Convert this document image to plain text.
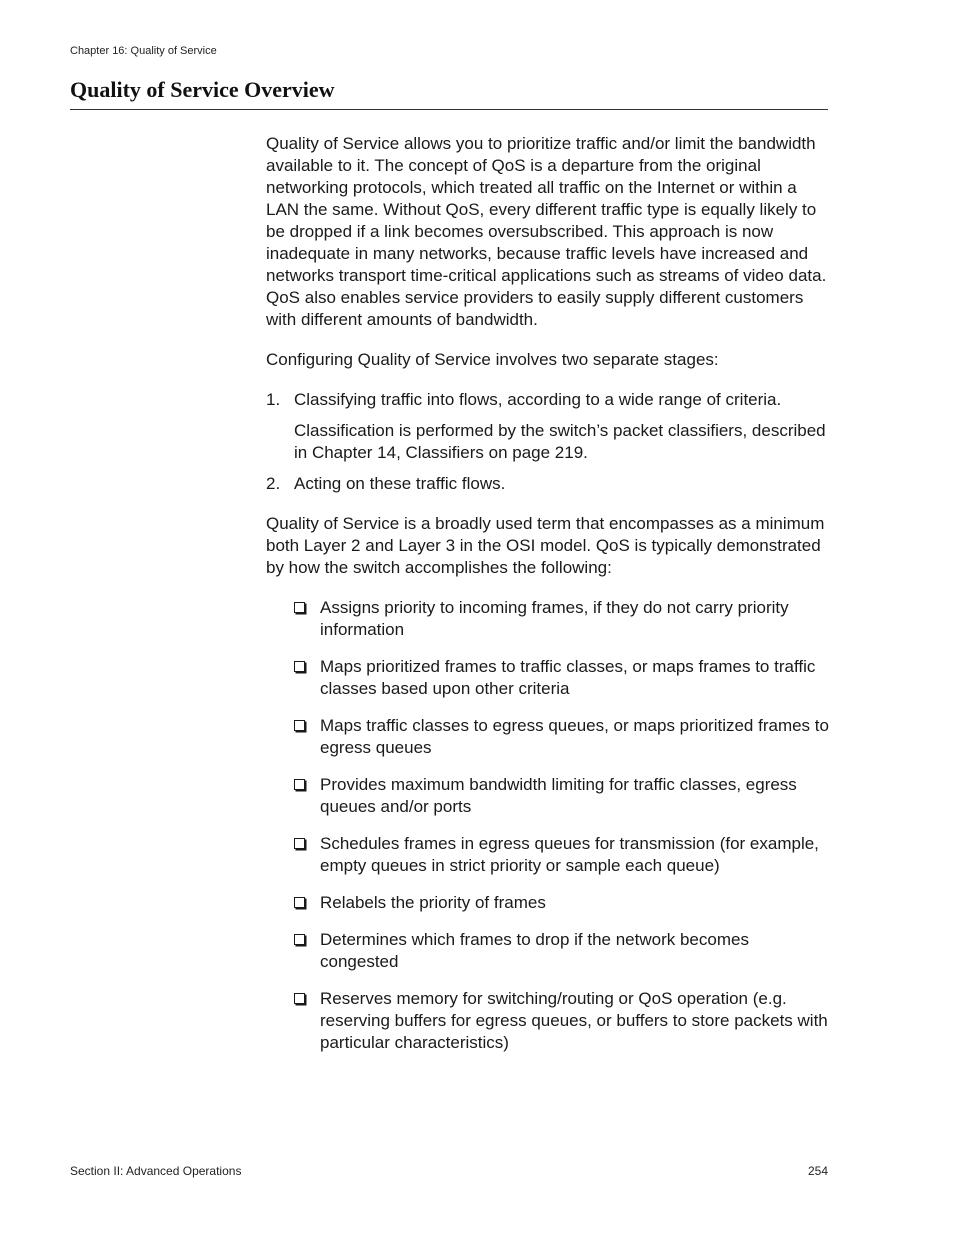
Chapter 16: Quality of Service
Quality of Service Overview

Quality of Service allows you to prioritize traffic and/or limit the bandwidth available to it. The concept of QoS is a departure from the original networking protocols, which treated all traffic on the Internet or within a LAN the same. Without QoS, every different traffic type is equally likely to be dropped if a link becomes oversubscribed. This approach is now inadequate in many networks, because traffic levels have increased and networks transport time-critical applications such as streams of video data. QoS also enables service providers to easily supply different customers with different amounts of bandwidth.

Configuring Quality of Service involves two separate stages:

1. Classifying traffic into flows, according to a wide range of criteria.

Classification is performed by the switch’s packet classifiers, described in Chapter 14, Classifiers on page 219.

2. Acting on these traffic flows.

Quality of Service is a broadly used term that encompasses as a minimum both Layer 2 and Layer 3 in the OSI model. QoS is typically demonstrated by how the switch accomplishes the following:

Assigns priority to incoming frames, if they do not carry priority information
Maps prioritized frames to traffic classes, or maps frames to traffic classes based upon other criteria
Maps traffic classes to egress queues, or maps prioritized frames to egress queues
Provides maximum bandwidth limiting for traffic classes, egress queues and/or ports
Schedules frames in egress queues for transmission (for example, empty queues in strict priority or sample each queue)
Relabels the priority of frames
Determines which frames to drop if the network becomes congested
Reserves memory for switching/routing or QoS operation (e.g. reserving buffers for egress queues, or buffers to store packets with particular characteristics)
Section II: Advanced Operations	254
